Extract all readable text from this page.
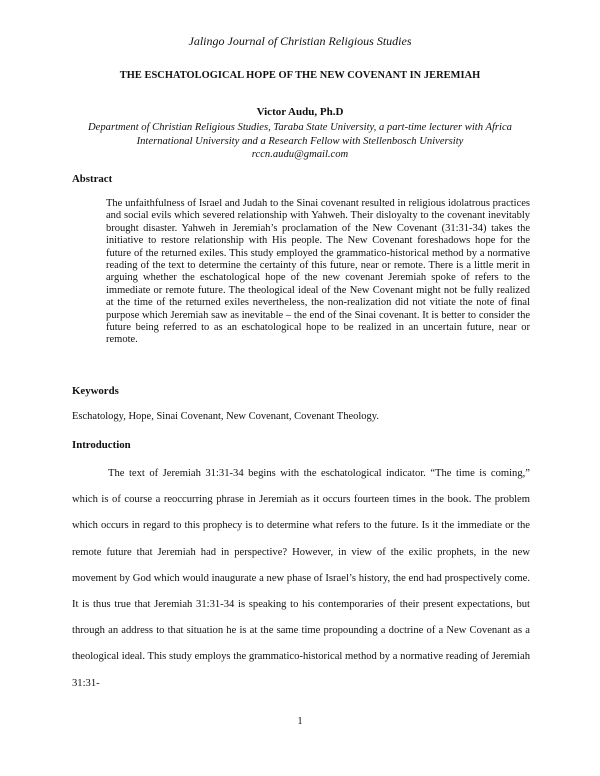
Jalingo Journal of Christian Religious Studies
THE ESCHATOLOGICAL HOPE OF THE NEW COVENANT IN JEREMIAH
Victor Audu, Ph.D
Department of Christian Religious Studies, Taraba State University, a part-time lecturer with Africa International University and a Research Fellow with Stellenbosch University
rccn.audu@gmail.com
Abstract

The unfaithfulness of Israel and Judah to the Sinai covenant resulted in religious idolatrous practices and social evils which severed relationship with Yahweh. Their disloyalty to the covenant inevitably brought disaster. Yahweh in Jeremiah’s proclamation of the New Covenant (31:31-34) takes the initiative to restore relationship with His people. The New Covenant foreshadows hope for the future of the returned exiles. This study employed the grammatico-historical method by a normative reading of the text to determine the certainty of this future, near or remote. There is a little merit in arguing whether the eschatological hope of the new covenant Jeremiah spoke of refers to the immediate or remote future. The theological ideal of the New Covenant might not be fully realized at the time of the returned exiles nevertheless, the non-realization did not vitiate the note of final purpose which Jeremiah saw as inevitable – the end of the Sinai covenant. It is better to consider the future being referred to as an eschatological hope to be realized in an uncertain future, near or remote.

Keywords

Eschatology, Hope, Sinai Covenant, New Covenant, Covenant Theology.

Introduction

The text of Jeremiah 31:31-34 begins with the eschatological indicator. “The time is coming,” which is of course a reoccurring phrase in Jeremiah as it occurs fourteen times in the book. The problem which occurs in regard to this prophecy is to determine what refers to the future. Is it the immediate or the remote future that Jeremiah had in perspective? However, in view of the exilic prophets, in the new movement by God which would inaugurate a new phase of Israel’s history, the end had prospectively come. It is thus true that Jeremiah 31:31-34 is speaking to his contemporaries of their present expectations, but through an address to that situation he is at the same time propounding a doctrine of a New Covenant as a theological ideal. This study employs the grammatico-historical method by a normative reading of Jeremiah 31:31-

1
